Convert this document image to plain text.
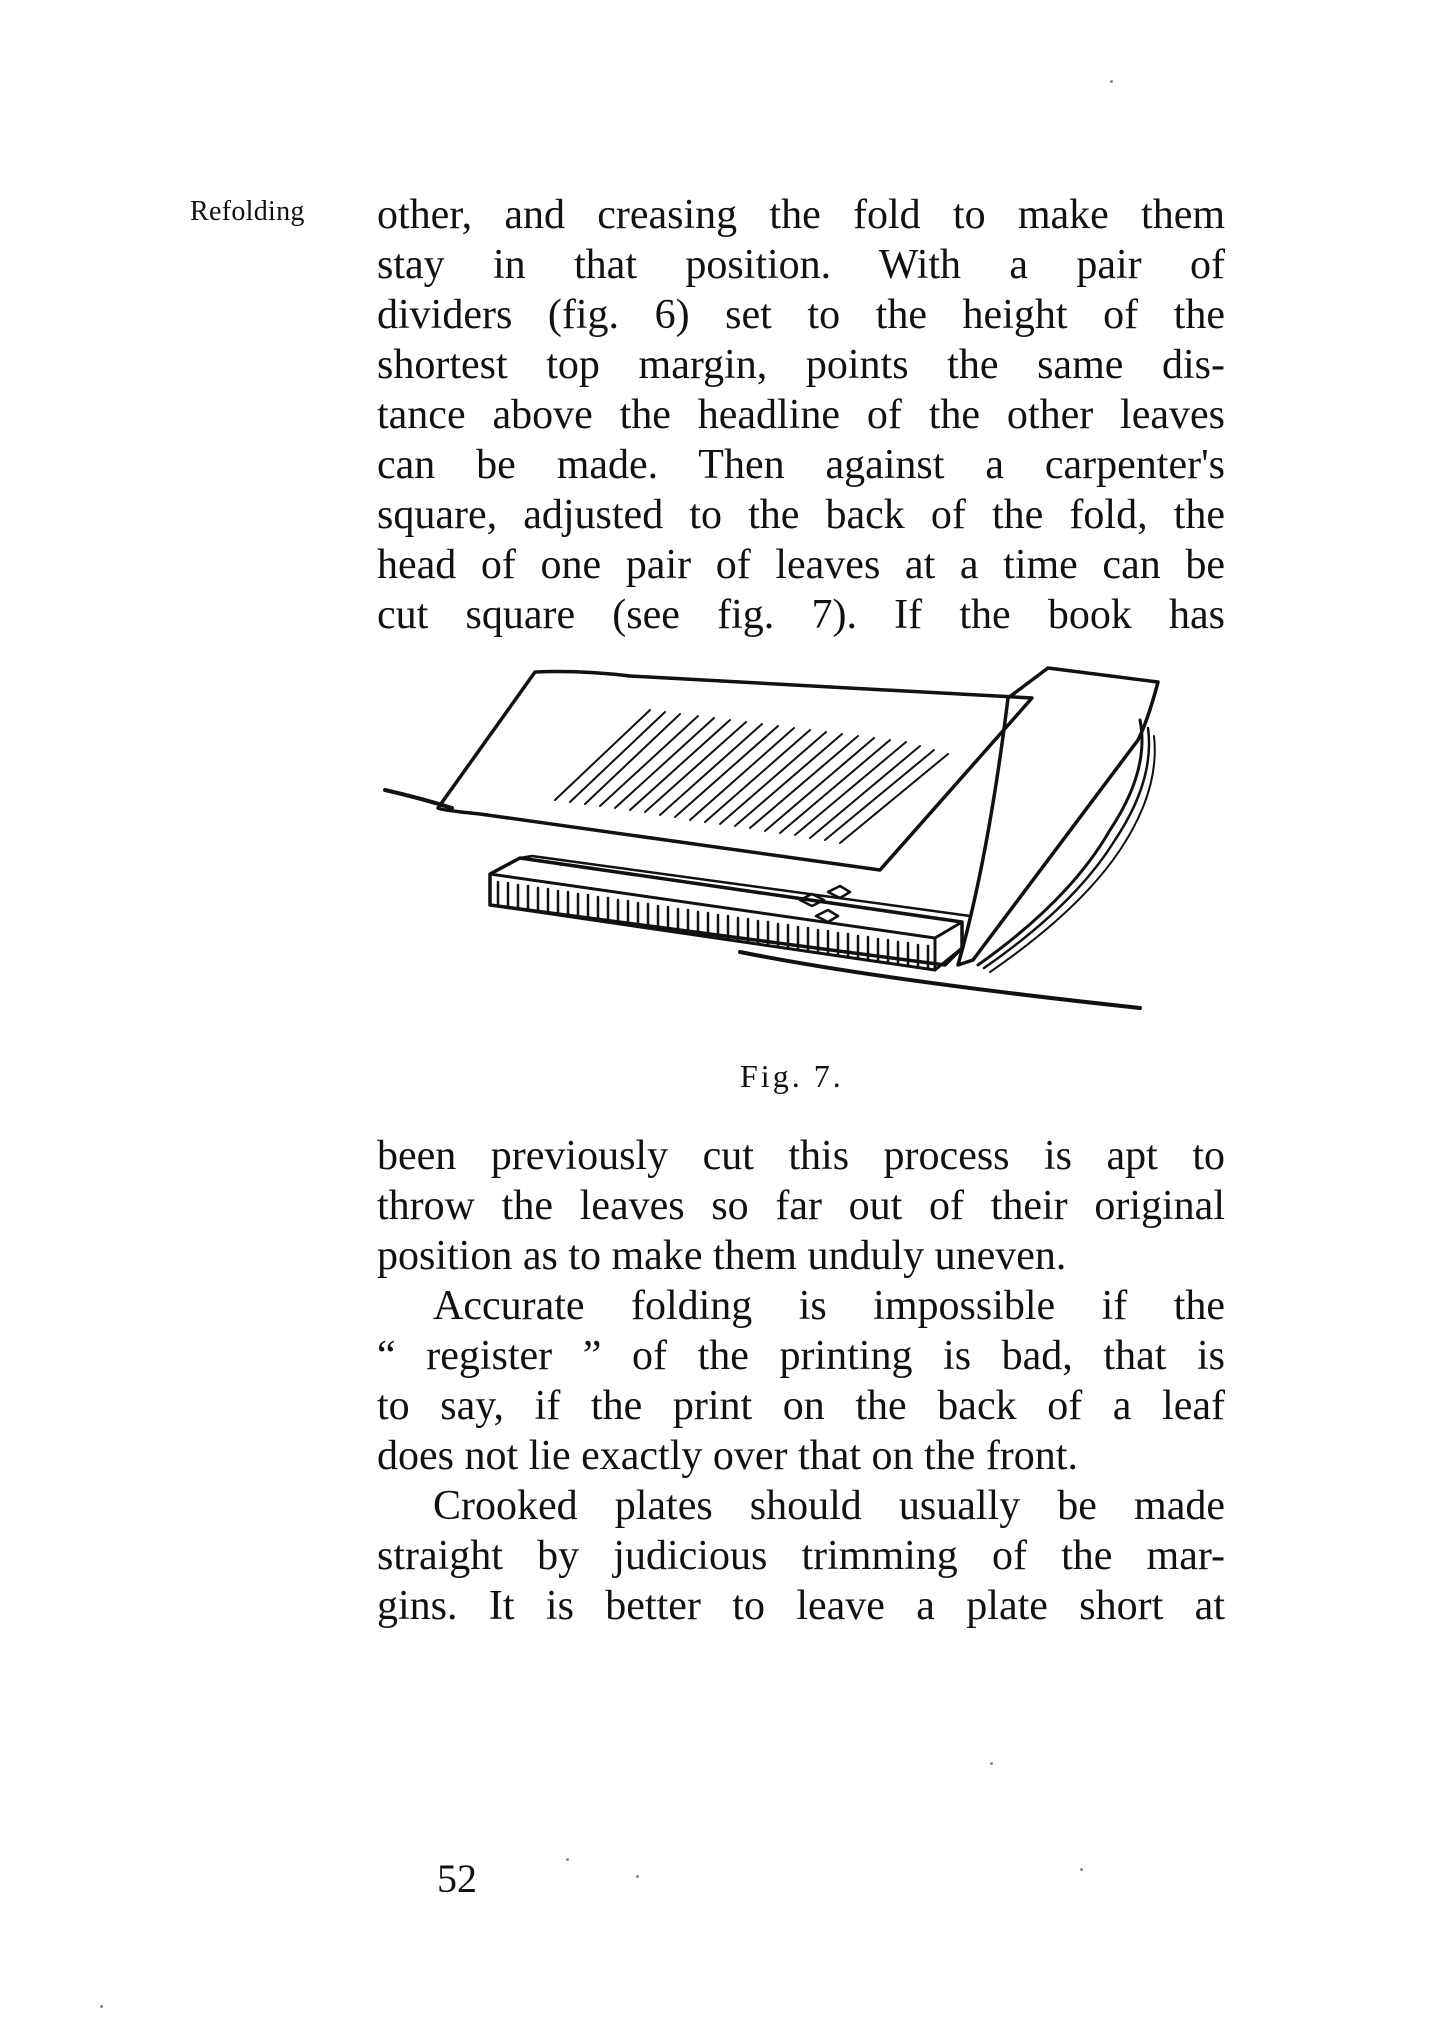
Refolding other, and creasing the fold to make them
stay in that position. With a pair of
dividers (fig. 6) set to the height of the
shortest top margin, points the same dis-
tance above the headline of the other leaves
can be made. Then against a carpenter's
square, adjusted to the back of the fold, the
head of one pair of leaves at a time can be
cut square (see fig. 7). If the book has
Fig. 7.
been previously cut this process is apt to
throw the leaves so far out of their original
position as to make them unduly uneven.
Accurate folding is impossible if the
“ register ” of the printing is bad, that is
to say, if the print on the back of a leaf
does not lie exactly over that on the front.
Crooked plates should usually be made
straight by judicious trimming of the mar-
gins. It is better to leave a plate short at
52
